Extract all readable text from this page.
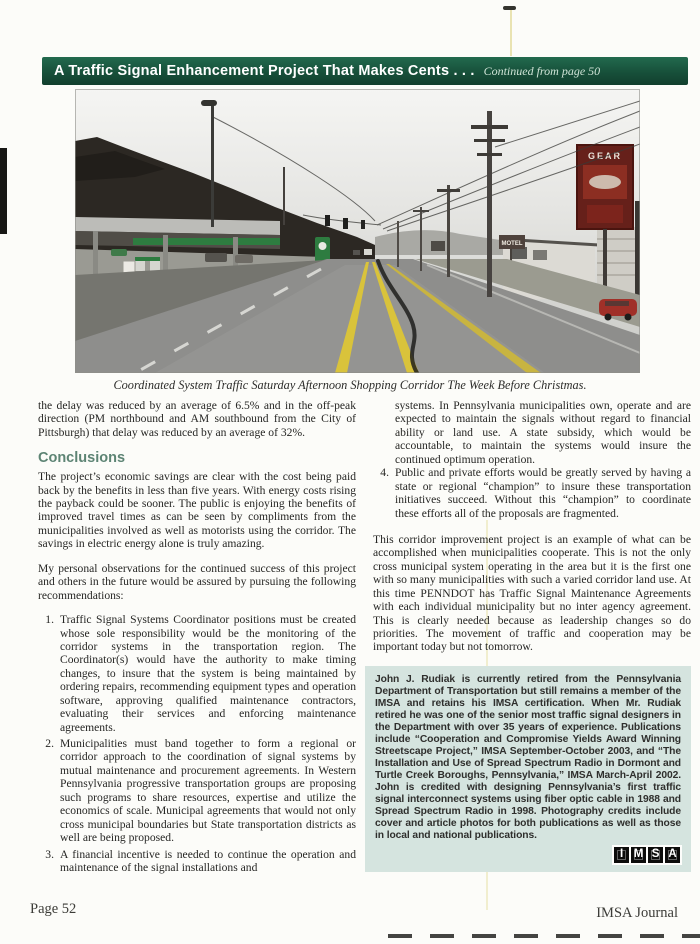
A Traffic Signal Enhancement Project That Makes Cents . . . Continued from page 50
GEAR
MOTEL
Coordinated System Traffic Saturday Afternoon Shopping Corridor The Week Before Christmas.

the delay was reduced by an average of 6.5% and in the off-peak direction (PM northbound and AM southbound from the City of Pittsburgh) that delay was reduced by an average of 32%.

Conclusions

The project’s economic savings are clear with the cost being paid back by the benefits in less than five years. With energy costs rising the payback could be sooner. The public is enjoying the benefits of improved travel times as can be seen by compliments from the municipalities involved as well as motorists using the corridor. The savings in electric energy alone is truly amazing.

My personal observations for the continued success of this project and others in the future would be assured by pursuing the following recommendations:

1. Traffic Signal Systems Coordinator positions must be created whose sole responsibility would be the monitoring of the corridor systems in the transportation region. The Coordinator(s) would have the authority to make timing changes, to insure that the system is being maintained by ordering repairs, recommending equipment types and operation software, approving qualified maintenance contractors, evaluating their services and enforcing maintenance agreements.
2. Municipalities must band together to form a regional or corridor approach to the coordination of signal systems by mutual maintenance and procurement agreements. In Western Pennsylvania progressive transportation groups are proposing such programs to share resources, expertise and utilize the economics of scale. Municipal agreements that would not only cross municipal boundaries but State transportation districts as well are being proposed.
3. A financial incentive is needed to continue the operation and maintenance of the signal installations and
systems. In Pennsylvania municipalities own, operate and are expected to maintain the signals without regard to financial ability or land use. A state subsidy, which would be accountable, to maintain the systems would insure the continued optimum operation.
4. Public and private efforts would be greatly served by having a state or regional “champion” to insure these transportation initiatives succeed. Without this “champion” to coordinate these efforts all of the proposals are fragmented.

This corridor improvement project is an example of what can be accomplished when municipalities cooperate. This is not the only cross municipal system operating in the area but it is the first one with so many municipalities with such a varied corridor land use. At this time PENNDOT has Traffic Signal Maintenance Agreements with each individual municipality but no inter agency agreement. This is clearly needed because as leadership changes so do priorities. The movement of traffic and cooperation may be important today but not tomorrow.

John J. Rudiak is currently retired from the Pennsylvania Department of Transportation but still remains a member of the IMSA and retains his IMSA certification. When Mr. Rudiak retired he was one of the senior most traffic signal designers in the Department with over 35 years of experience. Publications include “Cooperation and Compromise Yields Award Winning Streetscape Project,” IMSA September-October 2003, and “The Installation and Use of Spread Spectrum Radio in Dormont and Turtle Creek Boroughs, Pennsylvania,” IMSA March-April 2002. John is credited with designing Pennsylvania’s first traffic signal interconnect systems using fiber optic cable in 1988 and Spread Spectrum Radio in 1998. Photography credits include cover and article photos for both publications as well as those in local and national publications.
I M S A
Page 52	IMSA Journal
